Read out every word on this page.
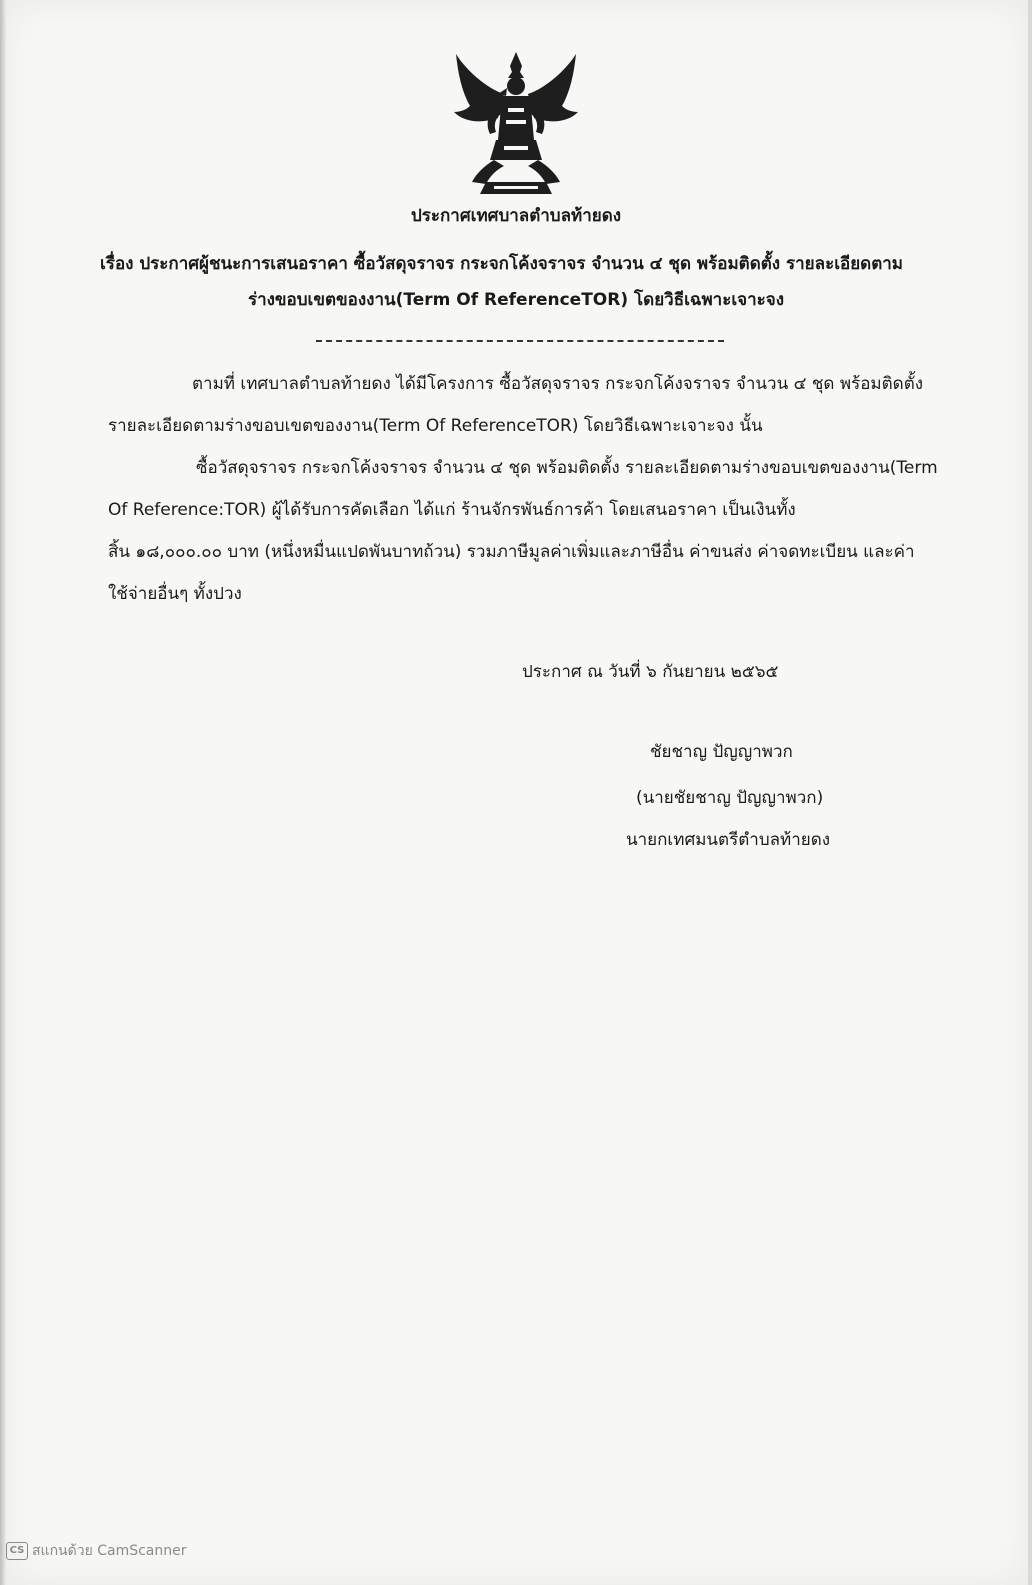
ประกาศเทศบาลตำบลท้ายดง
เรื่อง ประกาศผู้ชนะการเสนอราคา ซื้อวัสดุจราจร กระจกโค้งจราจร จำนวน ๔ ชุด พร้อมติดตั้ง รายละเอียดตาม
ร่างขอบเขตของงาน(Term Of ReferenceTOR) โดยวิธีเฉพาะเจาะจง
ตามที่ เทศบาลตำบลท้ายดง ได้มีโครงการ ซื้อวัสดุจราจร กระจกโค้งจราจร จำนวน ๔ ชุด พร้อมติดตั้ง
รายละเอียดตามร่างขอบเขตของงาน(Term Of ReferenceTOR) โดยวิธีเฉพาะเจาะจง นั้น
ซื้อวัสดุจราจร กระจกโค้งจราจร จำนวน ๔ ชุด พร้อมติดตั้ง รายละเอียดตามร่างขอบเขตของงาน(Term
Of Reference:TOR) ผู้ได้รับการคัดเลือก ได้แก่ ร้านจักรพันธ์การค้า โดยเสนอราคา เป็นเงินทั้ง
สิ้น ๑๘,๐๐๐.๐๐ บาท (หนึ่งหมื่นแปดพันบาทถ้วน) รวมภาษีมูลค่าเพิ่มและภาษีอื่น ค่าขนส่ง ค่าจดทะเบียน และค่า
ใช้จ่ายอื่นๆ ทั้งปวง
ประกาศ ณ วันที่ ๖ กันยายน ๒๕๖๕
ชัยชาญ ปัญญาพวก
(นายชัยชาญ ปัญญาพวก)
นายกเทศมนตรีตำบลท้ายดง
CS สแกนด้วย CamScanner
